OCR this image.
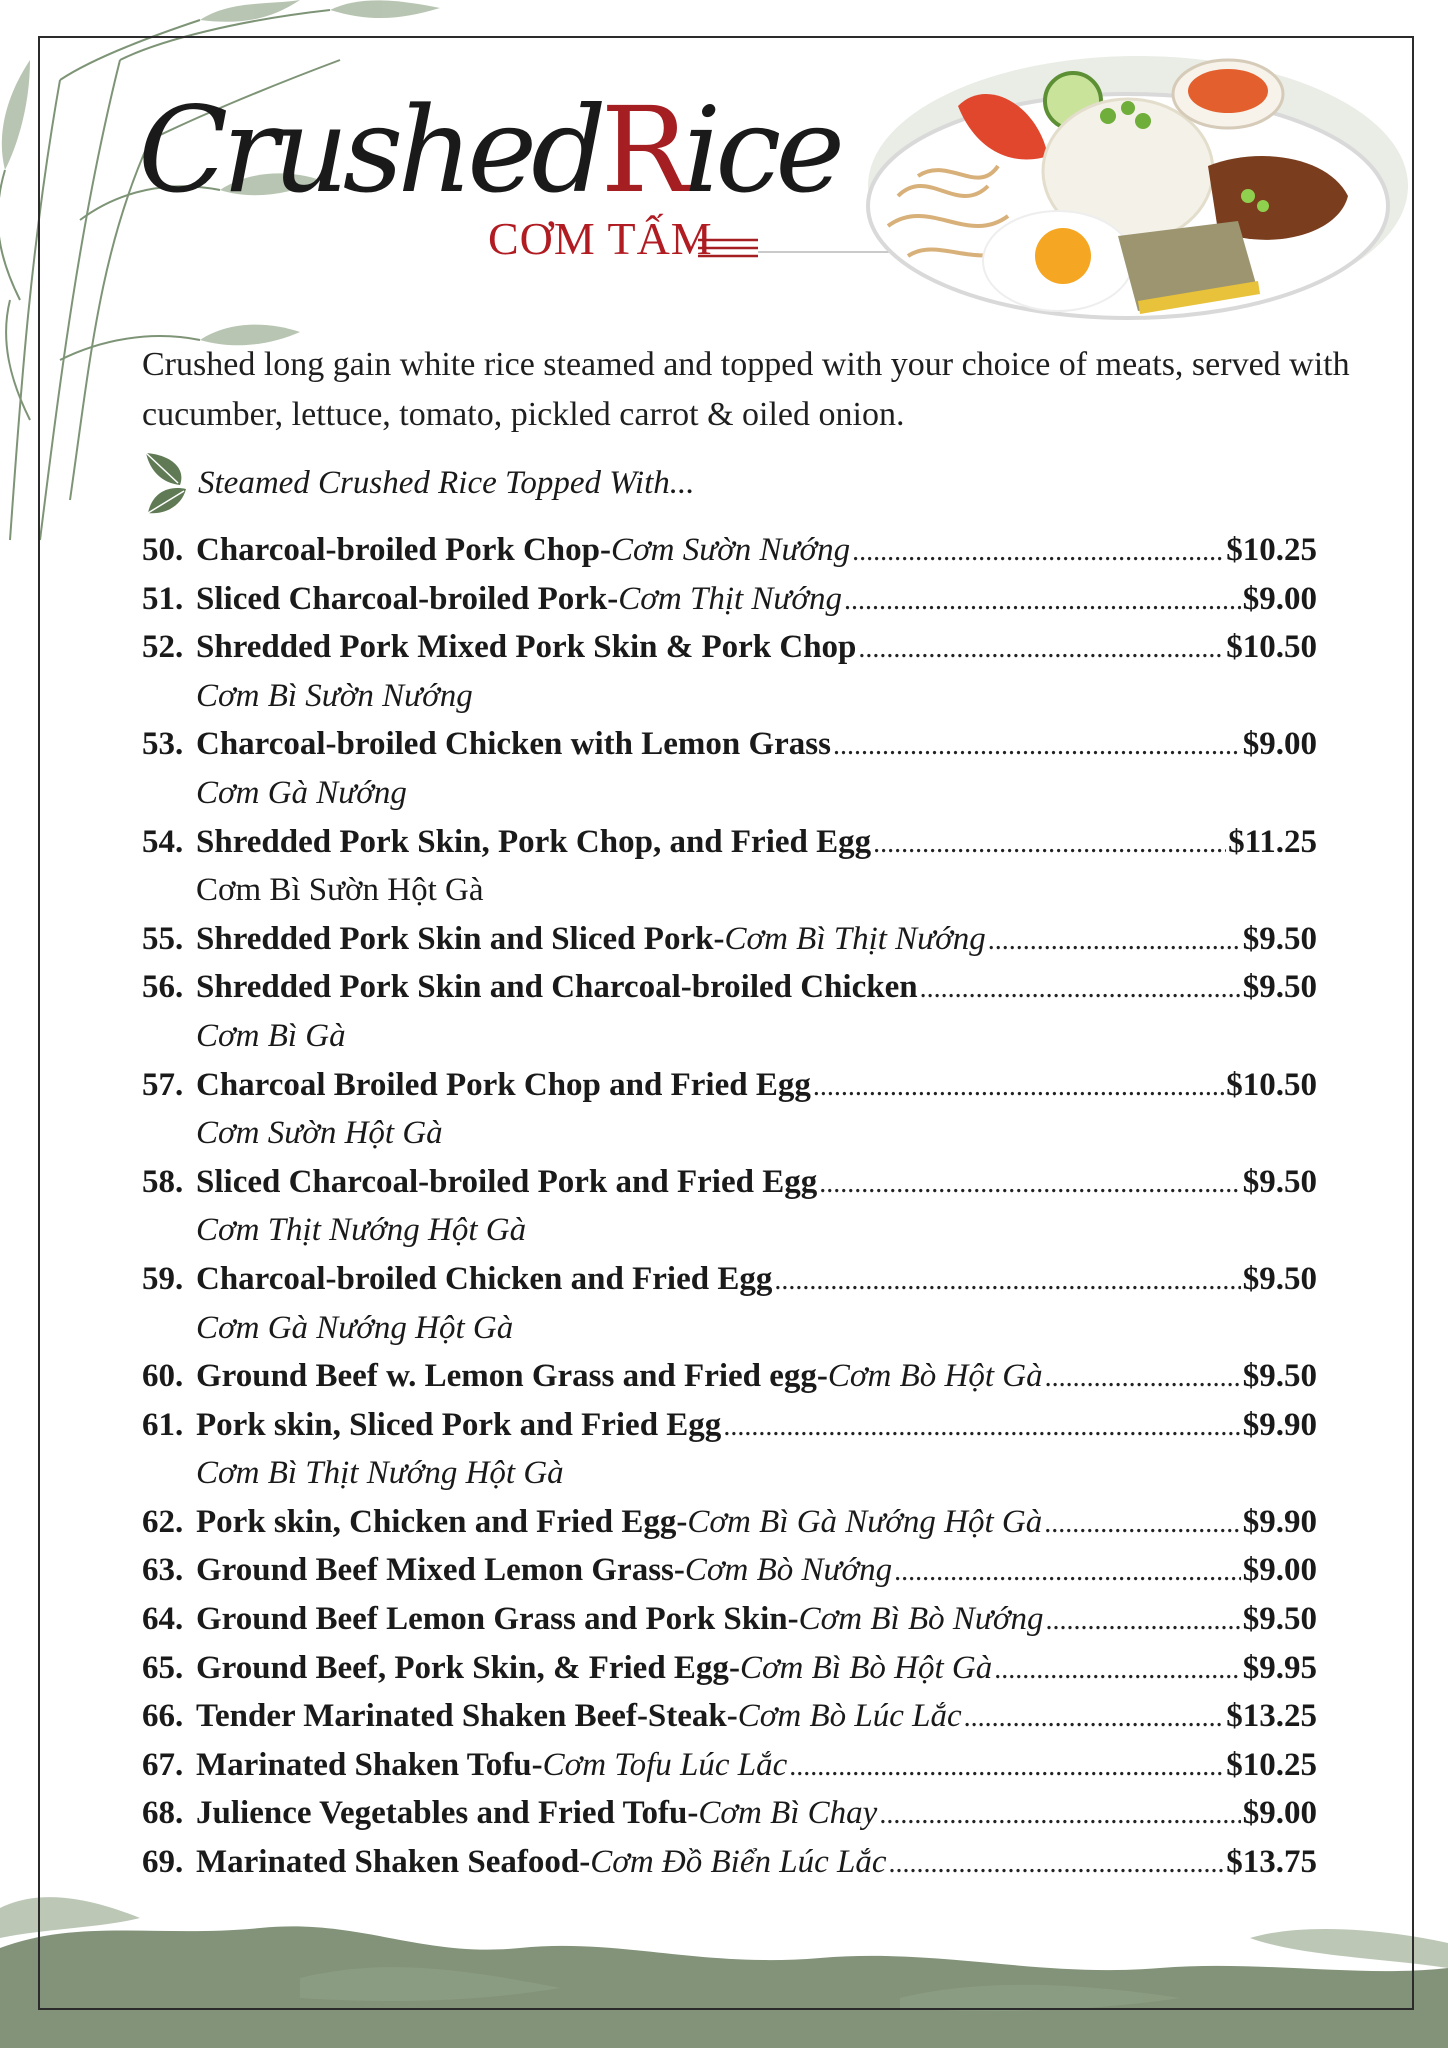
CrushedRice
CƠM TẤM
Crushed long gain white rice steamed and topped with your choice of meats, served with cucumber, lettuce, tomato, pickled carrot & oiled onion.
Steamed Crushed Rice Topped With...
50. Charcoal-broiled Pork Chop - Cơm Sườn Nướng .....	$10.25
51. Sliced Charcoal-broiled Pork - Cơm Thịt Nướng .....	$9.00
52. Shredded Pork Mixed Pork Skin & Pork Chop .....	$10.50
Cơm Bì Sườn Nướng
53. Charcoal-broiled Chicken with Lemon Grass .....	$9.00
Cơm Gà Nướng
54. Shredded Pork Skin, Pork Chop, and Fried Egg .....	$11.25
Cơm Bì Sườn Hột Gà
55. Shredded Pork Skin and Sliced Pork - Cơm Bì Thịt Nướng .....	$9.50
56. Shredded Pork Skin and Charcoal-broiled Chicken .....	$9.50
Cơm Bì Gà
57. Charcoal Broiled Pork Chop and Fried Egg .....	$10.50
Cơm Sườn Hột Gà
58. Sliced Charcoal-broiled Pork and Fried Egg .....	$9.50
Cơm Thịt Nướng Hột Gà
59. Charcoal-broiled Chicken and Fried Egg .....	$9.50
Cơm Gà Nướng Hột Gà
60. Ground Beef w. Lemon Grass and Fried egg - Cơm Bò Hột Gà .....	$9.50
61. Pork skin, Sliced Pork and Fried Egg .....	$9.90
Cơm Bì Thịt Nướng Hột Gà
62. Pork skin, Chicken and Fried Egg - Cơm Bì Gà Nướng Hột Gà .....	$9.90
63. Ground Beef Mixed Lemon Grass - Cơm Bò Nướng .....	$9.00
64. Ground Beef Lemon Grass and Pork Skin - Cơm Bì Bò Nướng .....	$9.50
65. Ground Beef, Pork Skin, & Fried Egg - Cơm Bì Bò Hột Gà .....	$9.95
66. Tender Marinated Shaken Beef-Steak - Cơm Bò Lúc Lắc .....	$13.25
67. Marinated Shaken Tofu - Cơm Tofu Lúc Lắc .....	$10.25
68. Julience Vegetables and Fried Tofu - Cơm Bì Chay .....	$9.00
69. Marinated Shaken Seafood - Cơm Đồ Biển Lúc Lắc .....	$13.75
